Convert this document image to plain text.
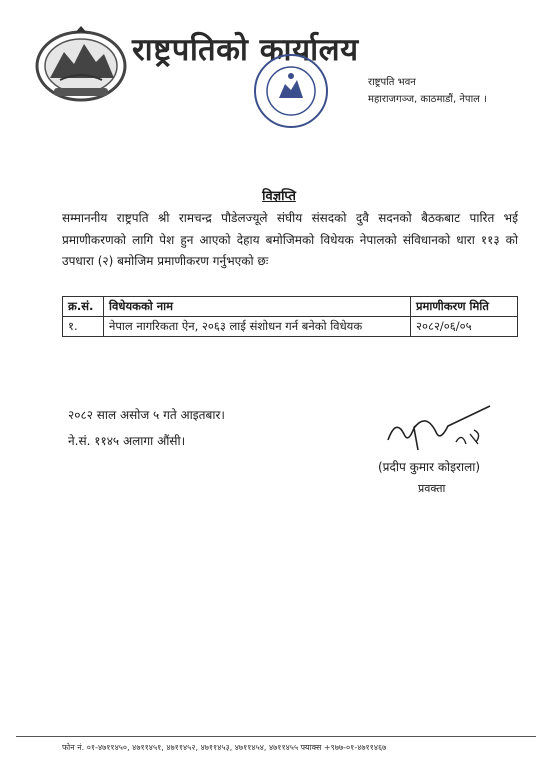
राष्ट्रपतिको कार्यालय
राष्ट्रपति भवन
महाराजगञ्ज, काठमाडौं, नेपाल ।
विज्ञप्ति
सम्माननीय राष्ट्रपति श्री रामचन्द्र पौडेलज्यूले संघीय संसदको दुवै सदनको बैठकबाट पारित भई प्रमाणीकरणको लागि पेश हुन आएको देहाय बमोजिमको विधेयक नेपालको संविधानको धारा ११३ को उपधारा (२) बमोजिम प्रमाणीकरण गर्नुभएको छः
क्र.सं.	विधेयकको नाम	प्रमाणीकरण मिति
१.	नेपाल नागरिकता ऐन, २०६३ लाई संशोधन गर्न बनेको विधेयक	२०८२/०६/०५
२०८२ साल असोज ५ गते आइतबार।
ने.सं. ११४५ अलागा औंसी।
(प्रदीप कुमार कोइराला)
प्रवक्ता
फोन नं. ०१-४७११४५०, ४७११४५१, ४७११४५२, ४७११४५३, ४७११४५४, ४७११४५५ फ्याक्स +९७७-०१-४७११४६७
